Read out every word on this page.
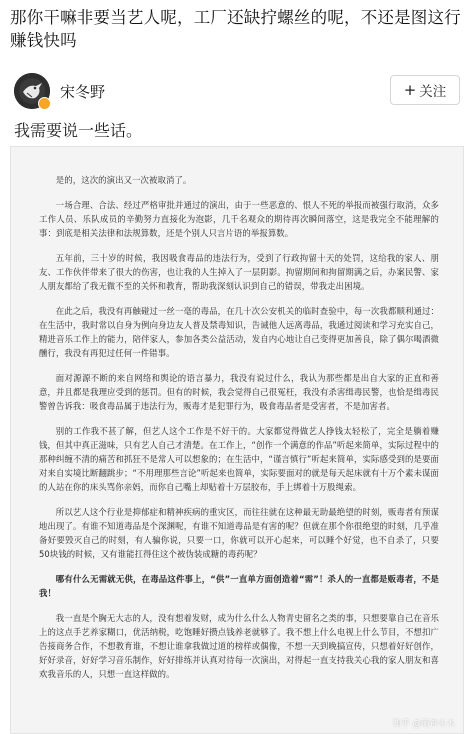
那你干嘛非要当艺人呢，工厂还缺拧螺丝的呢，不还是图这行赚钱快吗
宋冬野	+ 关注
我需要说一些话。

是的，这次的演出又一次被取消了。

一场合理、合法、经过严格审批并通过的演出，由于一些恶意的、恨人不死的举报而被强行取消，众多工作人员、乐队成员的辛勤努力直接化为泡影，几千名观众的期待再次瞬间落空，这是我完全不能理解的事：到底是相关法律和法规算数，还是个别人只言片语的举报算数。

五年前，三十岁的时候，我因吸食毒品的违法行为，受到了行政拘留十天的处罚，这给我的家人、朋友、工作伙伴带来了很大的伤害，也让我的人生掉入了一层阴影。拘留期间和拘留期满之后，办案民警、家人朋友都给了我无微不至的关怀和教育，帮助我深刻认识到自己的错误，带我走出困境。

在此之后，我没有再触碰过一丝一毫的毒品，在几十次公安机关的临时查验中，每一次我都顺利通过：在生活中，我时常以自身为例向身边友人普及禁毒知识，告诫他人远离毒品，我通过阅读和学习充实自己，精进音乐工作上的能力，陪伴家人，参加各类公益活动，发自内心地让自己变得更加善良，除了偶尔喝酒微醺行，我没有再犯过任何一件错事。

面对源源不断的来自网络和舆论的语言暴力，我没有说过什么，我认为那些都是出自大家的正直和善意，并且都是我理应受到的惩罚。但有的时候，我会觉得自己很冤枉，我没有杀害缉毒民警，也恰是缉毒民警曾告诉我：吸食毒品属于违法行为，贩毒才是犯罪行为，吸食毒品者是受害者，不是加害者。

别的工作我不甚了解，但艺人这个工作是不好干的。大家都觉得做艺人挣钱太轻松了，完全是躺着赚钱，但其中真正滋味，只有艺人自己才清楚。在工作上，“创作一个满意的作品”听起来简单，实际过程中的那种纠缠不清的痛苦和抓狂不是常人可以想象的；在生活中，“谨言慎行”听起来简单，实际感受到的是要面对来自实境比断翻跳步；“不用理那些言论”听起来也简单，实际要面对的就是每天起床就有十万个素未谋面的人站在你的床头骂你亲妈，而你自己嘴上却贴着十万层胶布，手上绑着十万股绳索。

所以艺人这个行业是抑郁症和精神疾病的重灾区，而往往就在这种最无助最绝望的时刻，贩毒者有预谋地出现了。有谁不知道毒品是个深渊呢，有谁不知道毒品是有害的呢？但就在那个你很绝望的时刻，几乎准备好要毁灭自己的时刻，有人骗你说，只要一口，你就可以开心起来，可以睡个好觉，也不自杀了，只要50块钱的时候，又有谁能扛得住这个被伪装成糖的毒药呢？

哪有什么无需就无供，在毒品这件事上，“供”一直单方面创造着“需”！杀人的一直都是贩毒者，不是我！

我一直是个胸无大志的人，没有想着发财，成为什么什么人物青史留名之类的事，只想要靠自己在音乐上的这点手艺养家糊口，优活纳税，吃饱睡好攒点钱养老就够了。我不想上什么电视上什么节目，不想扣广告接商务合作，不想教育谁，不想让谁拿我做过道的榜样或偶像，不想一天到晚搞宣传，只想着好好创作，好好录音，好好学习音乐制作，好好排练并认真对待每一次演出，对得起一直支持我关心我的家人朋友和喜欢我音乐的人，只想一直这样做的。

知乎 @萌神木木
